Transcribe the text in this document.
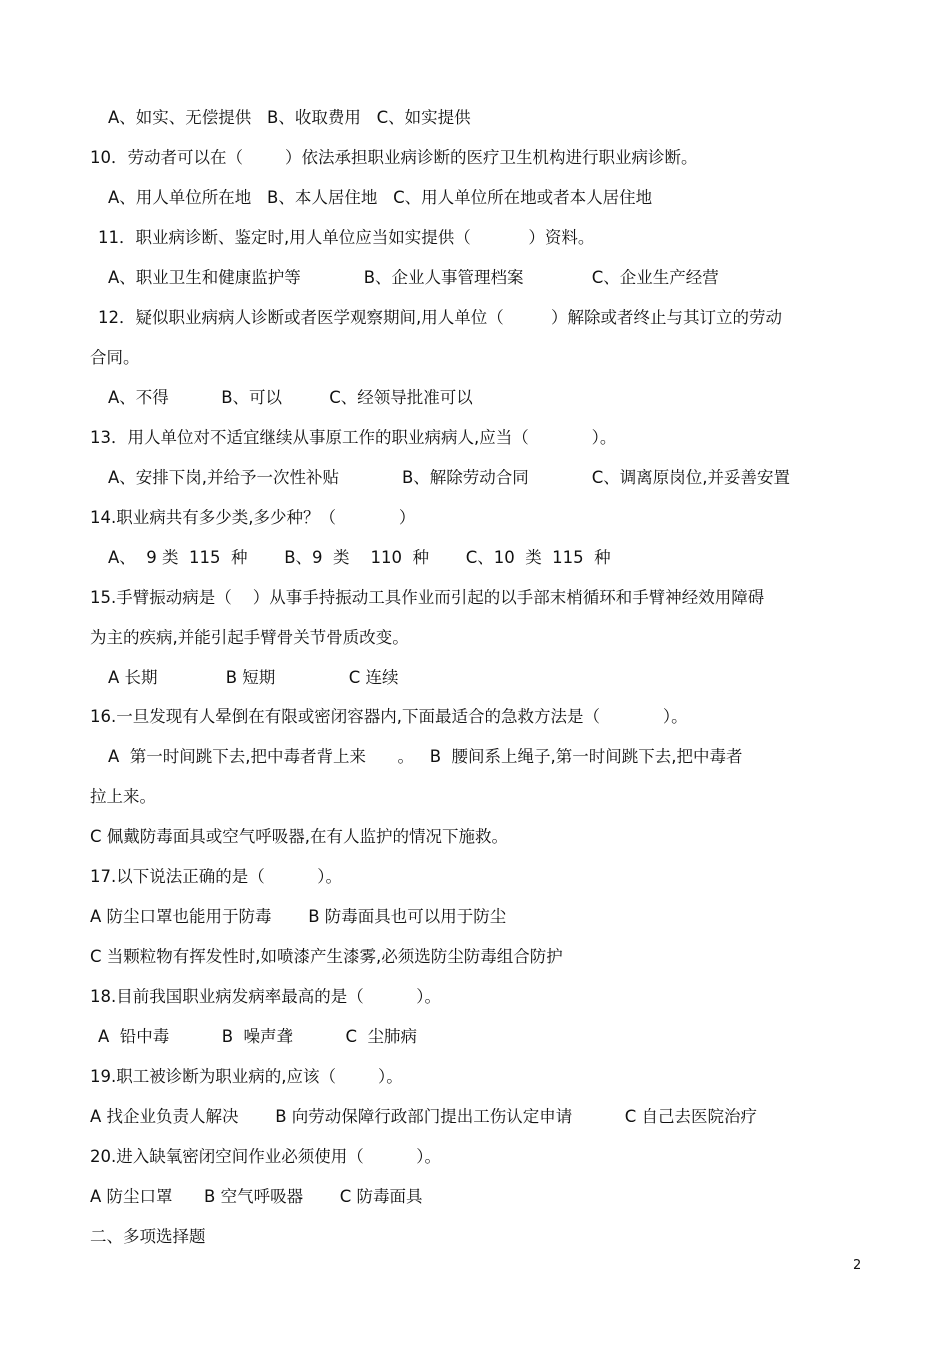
A、如实、无偿提供   B、收取费用   C、如实提供
10．劳动者可以在（        ）依法承担职业病诊断的医疗卫生机构进行职业病诊断。
A、用人单位所在地   B、本人居住地   C、用人单位所在地或者本人居住地
11．职业病诊断、鉴定时,用人单位应当如实提供（           ）资料。
A、职业卫生和健康监护等            B、企业人事管理档案             C、企业生产经营
12．疑似职业病病人诊断或者医学观察期间,用人单位（         ）解除或者终止与其订立的劳动
合同。
A、不得          B、可以         C、经领导批准可以
13．用人单位对不适宜继续从事原工作的职业病病人,应当（            ）。
A、安排下岗,并给予一次性补贴            B、解除劳动合同            C、调离原岗位,并妥善安置
14.职业病共有多少类,多少种？（            ）
A、  9 类  115  种       B、9  类    110  种       C、10  类  115  种
15.手臂振动病是（    ）从事手持振动工具作业而引起的以手部末梢循环和手臂神经效用障碍
为主的疾病,并能引起手臂骨关节骨质改变。
A 长期             B 短期              C 连续
16.一旦发现有人晕倒在有限或密闭容器内,下面最适合的急救方法是（            ）。
A  第一时间跳下去,把中毒者背上来      。   B  腰间系上绳子,第一时间跳下去,把中毒者
拉上来。
C 佩戴防毒面具或空气呼吸器,在有人监护的情况下施救。
17.以下说法正确的是（          ）。
A 防尘口罩也能用于防毒       B 防毒面具也可以用于防尘
C 当颗粒物有挥发性时,如喷漆产生漆雾,必须选防尘防毒组合防护
18.目前我国职业病发病率最高的是（          ）。
A  铅中毒          B  噪声聋          C  尘肺病
19.职工被诊断为职业病的,应该（        ）。
A 找企业负责人解决       B 向劳动保障行政部门提出工伤认定申请          C 自己去医院治疗
20.进入缺氧密闭空间作业必须使用（          ）。
A 防尘口罩      B 空气呼吸器       C 防毒面具
二、多项选择题
2
